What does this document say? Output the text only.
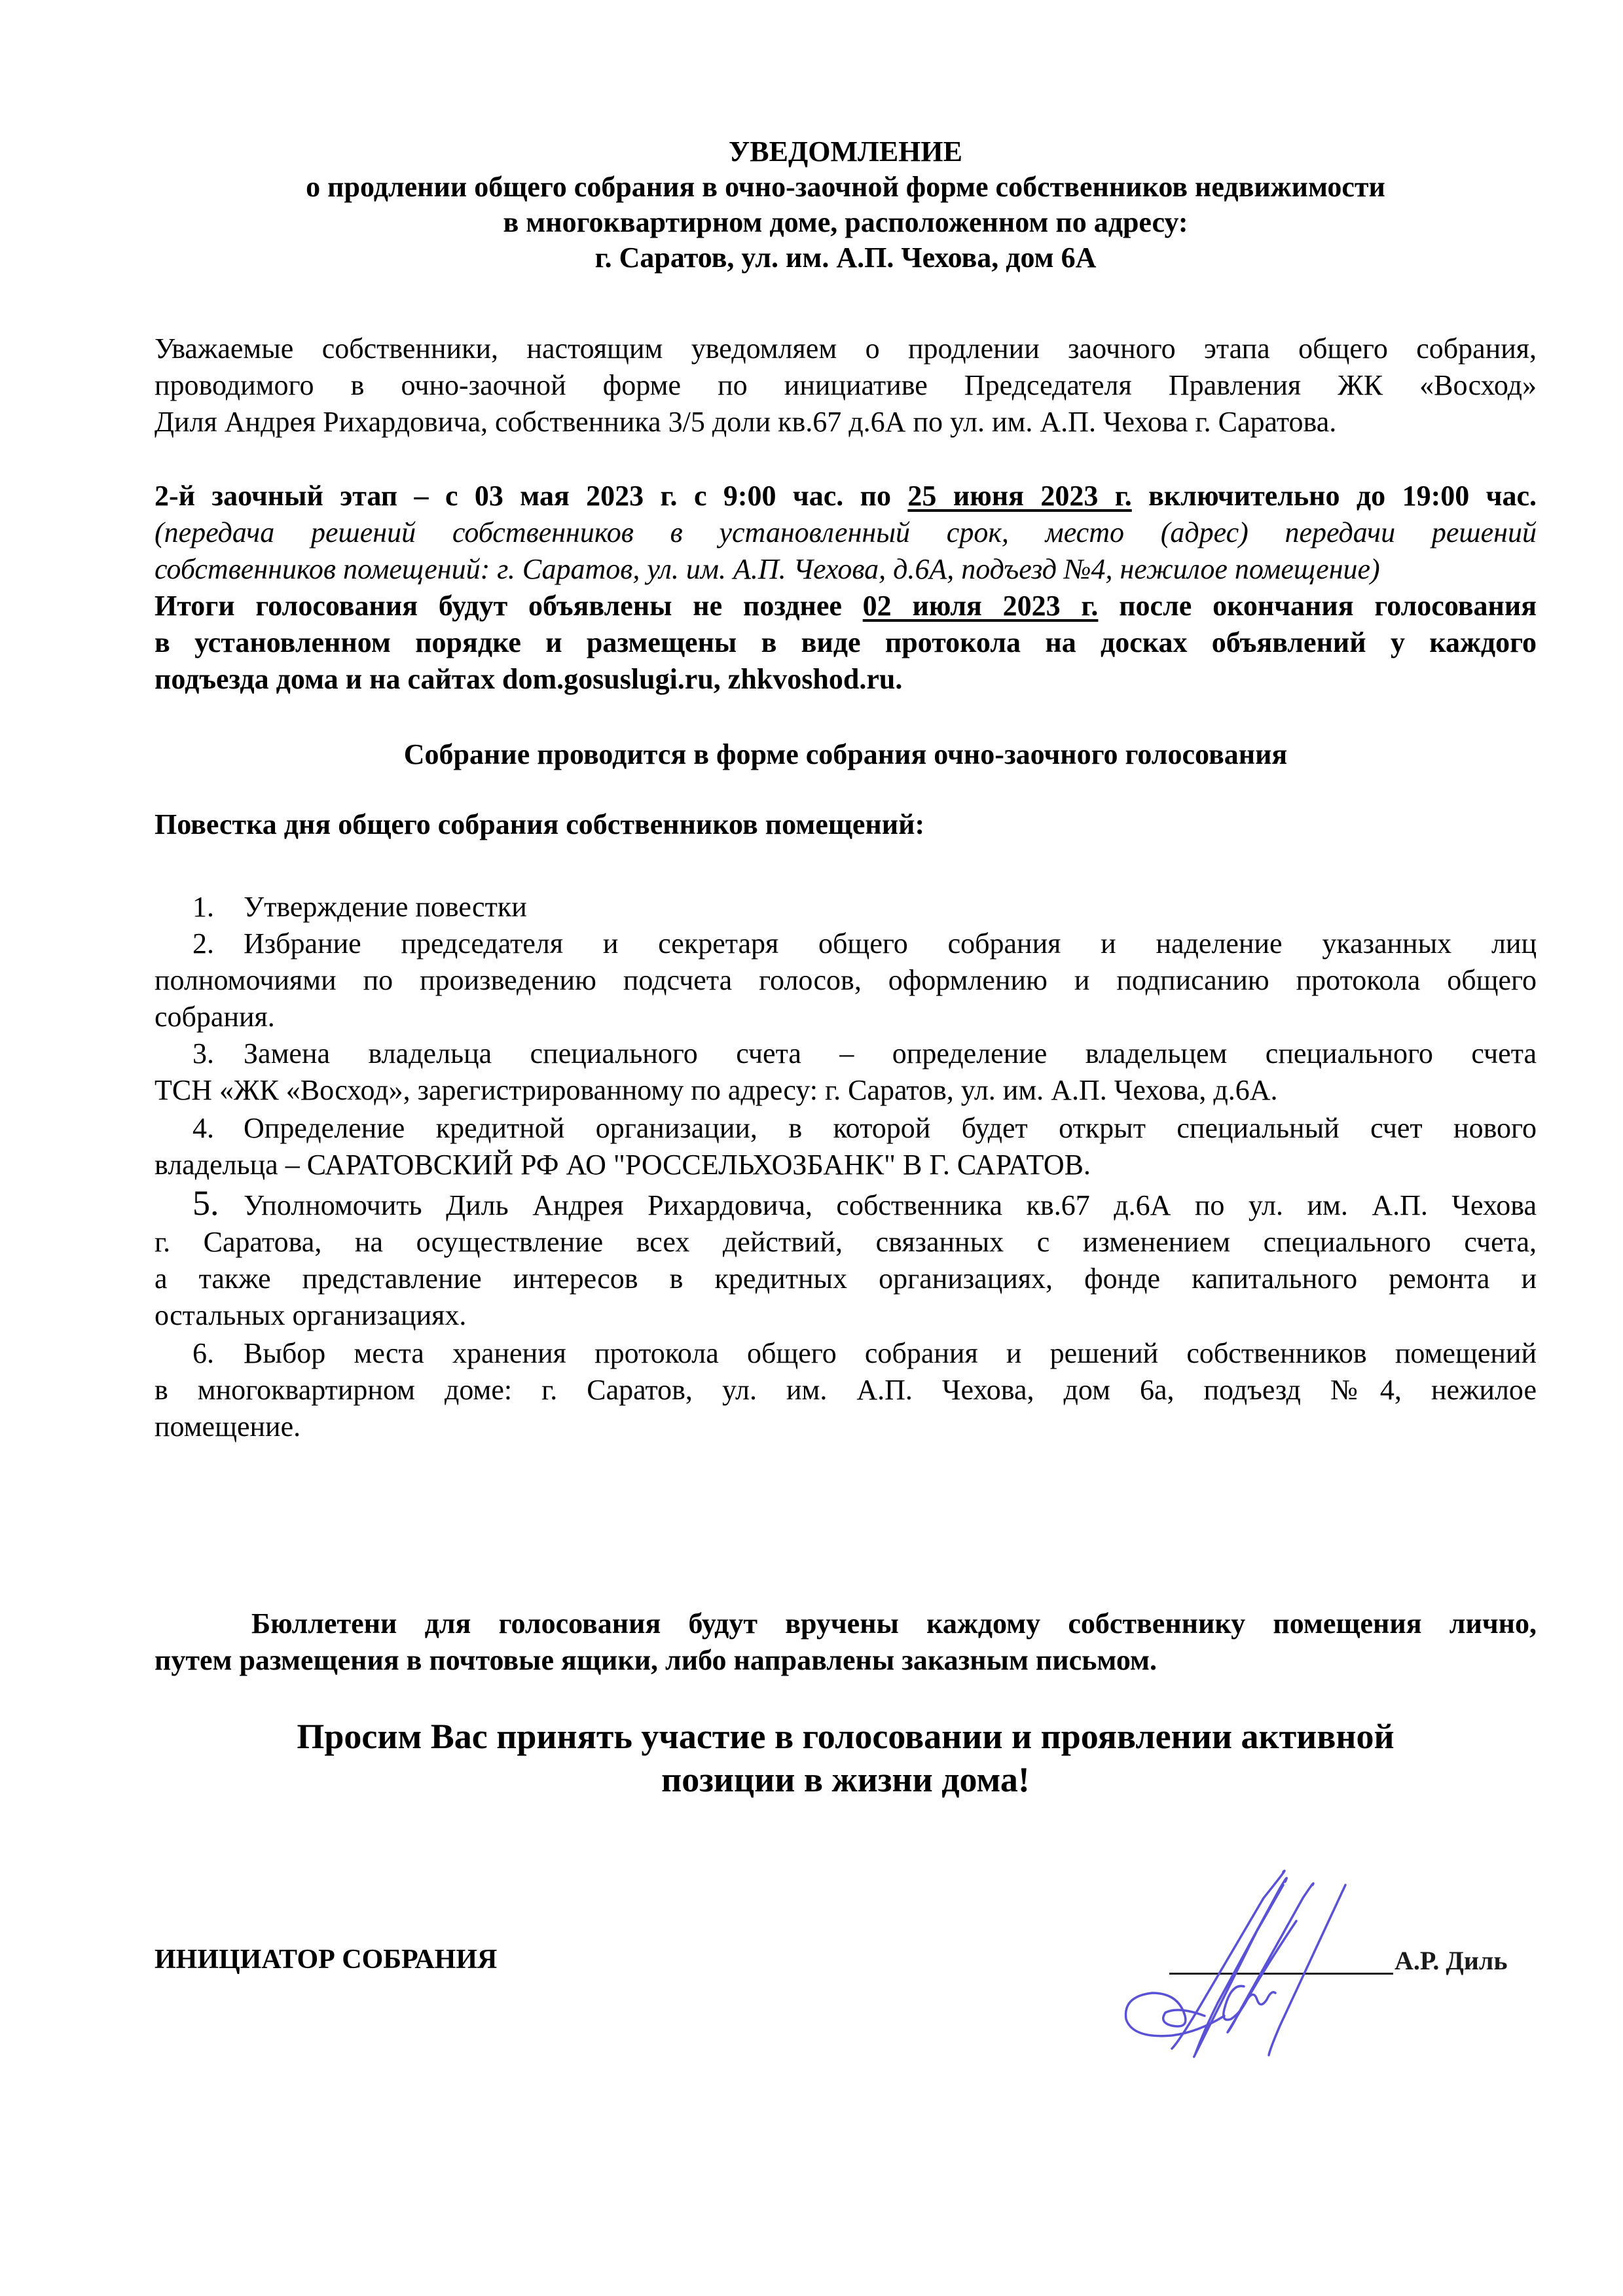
УВЕДОМЛЕНИЕ
о продлении общего собрания в очно-заочной форме собственников недвижимости
в многоквартирном доме, расположенном по адресу:
г. Саратов, ул. им. А.П. Чехова, дом 6А
Уважаемые собственники, настоящим уведомляем о продлении заочного этапа общего собрания,
проводимого в очно-заочной форме по инициативе Председателя Правления ЖК «Восход»
Диля Андрея Рихардовича, собственника 3/5 доли кв.67 д.6А по ул. им. А.П. Чехова г. Саратова.
2-й заочный этап – с 03 мая 2023 г. с 9:00 час. по 25 июня 2023 г. включительно до 19:00 час.
(передача решений собственников в установленный срок, место (адрес) передачи решений
собственников помещений: г. Саратов, ул. им. А.П. Чехова, д.6А, подъезд №4, нежилое помещение)
Итоги голосования будут объявлены не позднее 02 июля 2023 г. после окончания голосования
в установленном порядке и размещены в виде протокола на досках объявлений у каждого
подъезда дома и на сайтах dom.gosuslugi.ru, zhkvoshod.ru.
Собрание проводится в форме собрания очно-заочного голосования
Повестка дня общего собрания собственников помещений:
1. Утверждение повестки
2. Избрание председателя и секретаря общего собрания и наделение указанных лиц
полномочиями по произведению подсчета голосов, оформлению и подписанию протокола общего
собрания.
3. Замена владельца специального счета – определение владельцем специального счета
ТСН «ЖК «Восход», зарегистрированному по адресу: г. Саратов, ул. им. А.П. Чехова, д.6А.
4. Определение кредитной организации, в которой будет открыт специальный счет нового
владельца – САРАТОВСКИЙ РФ АО "РОССЕЛЬХОЗБАНК" В Г. САРАТОВ.
5. Уполномочить Диль Андрея Рихардовича, собственника кв.67 д.6А по ул. им. А.П. Чехова
г. Саратова, на осуществление всех действий, связанных с изменением специального счета,
а также представление интересов в кредитных организациях, фонде капитального ремонта и
остальных организациях.
6. Выбор места хранения протокола общего собрания и решений собственников помещений
в многоквартирном доме: г. Саратов, ул. им. А.П. Чехова, дом 6а, подъезд №4, нежилое
помещение.
Бюллетени для голосования будут вручены каждому собственнику помещения лично,
путем размещения в почтовые ящики, либо направлены заказным письмом.
Просим Вас принять участие в голосовании и проявлении активной
позиции в жизни дома!
ИНИЦИАТОР СОБРАНИЯ	А.Р. Диль
